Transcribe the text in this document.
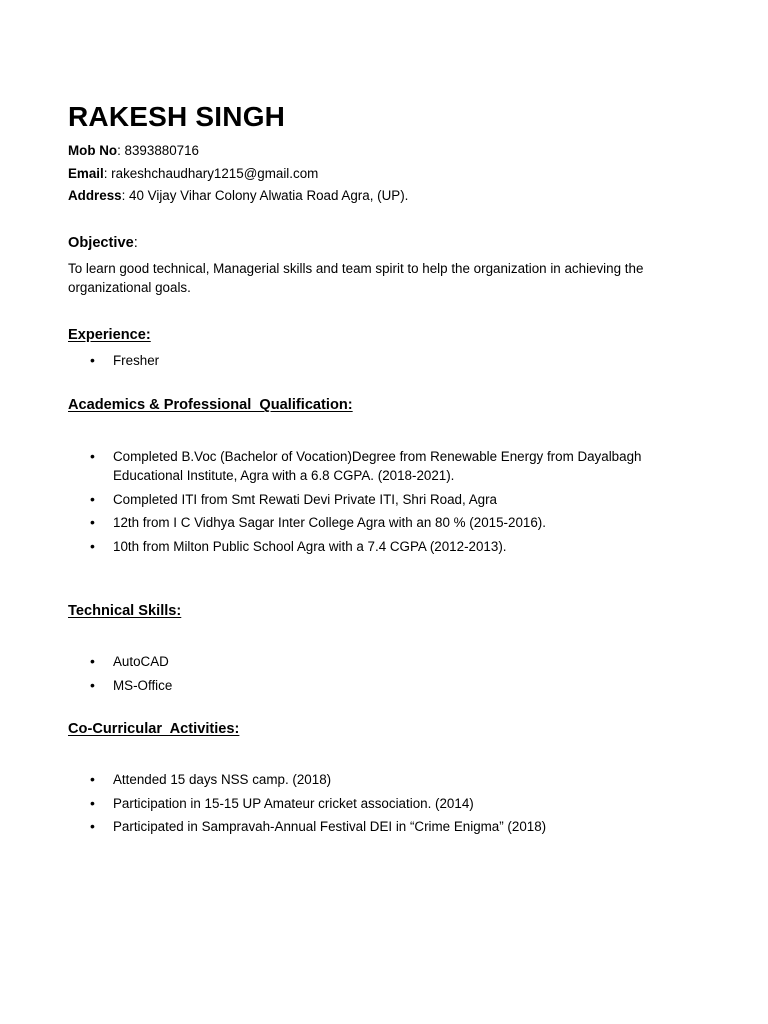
RAKESH SINGH
Mob No: 8393880716
Email: rakeshchaudhary1215@gmail.com
Address: 40 Vijay Vihar Colony Alwatia Road Agra, (UP).
Objective:
To learn good technical, Managerial skills and team spirit to help the organization in achieving the organizational goals.
Experience:
• Fresher
Academics & Professional  Qualification:
• Completed B.Voc (Bachelor of Vocation)Degree from Renewable Energy from Dayalbagh Educational Institute, Agra with a 6.8 CGPA. (2018-2021).
• Completed ITI from Smt Rewati Devi Private ITI, Shri Road, Agra
• 12th from I C Vidhya Sagar Inter College Agra with an 80 % (2015-2016).
• 10th from Milton Public School Agra with a 7.4 CGPA (2012-2013).
Technical Skills:
• AutoCAD
• MS-Office
Co-Curricular  Activities:
• Attended 15 days NSS camp. (2018)
• Participation in 15-15 UP Amateur cricket association. (2014)
• Participated in Sampravah-Annual Festival DEI in “Crime Enigma” (2018)
